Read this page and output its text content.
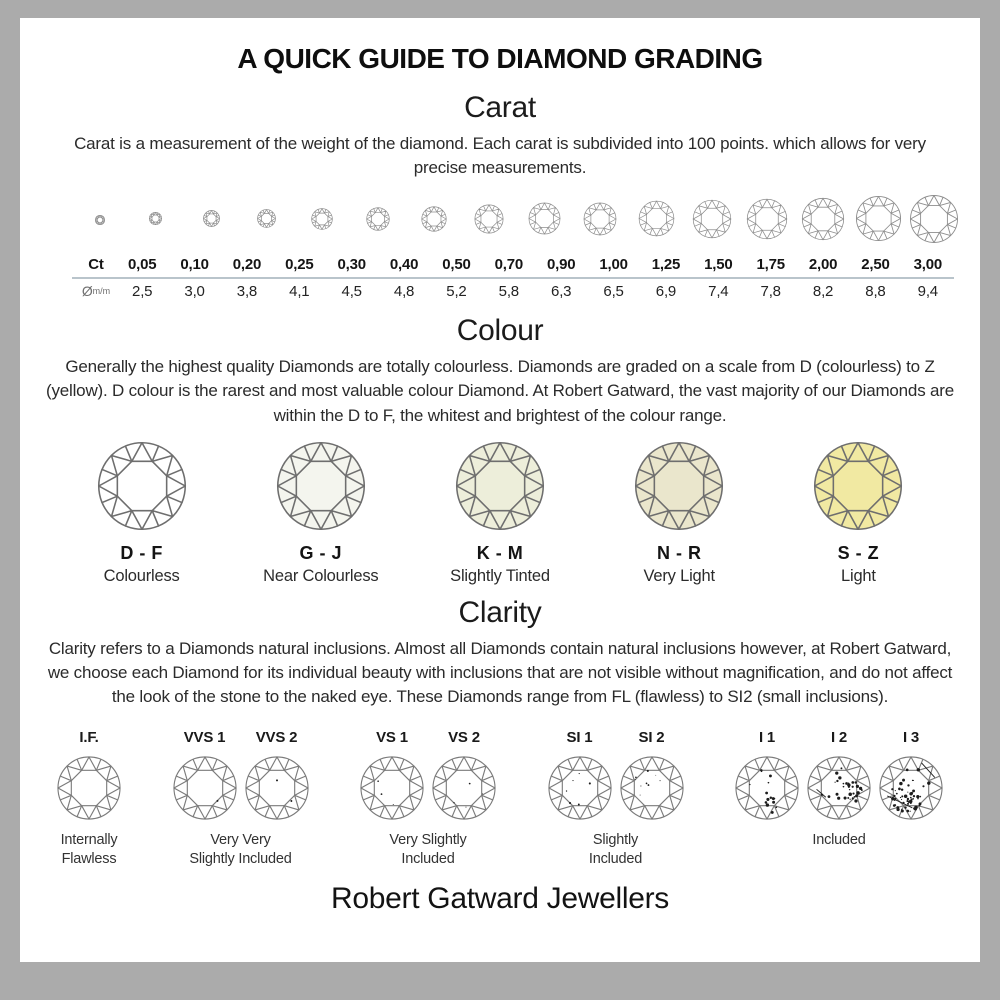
A QUICK GUIDE TO DIAMOND GRADING
Carat
Carat is a measurement of the weight of the diamond. Each carat is subdivided into 100 points. which allows for very precise measurements.
Ct	0,05	0,10	0,20	0,25	0,30	0,40	0,50	0,70	0,90	1,00	1,25	1,50	1,75	2,00	2,50	3,00
Øm/m	2,5	3,0	3,8	4,1	4,5	4,8	5,2	5,8	6,3	6,5	6,9	7,4	7,8	8,2	8,8	9,4
Colour
Generally the highest quality Diamonds are totally colourless. Diamonds are graded on a scale from D (colourless) to Z (yellow). D colour is the rarest and most valuable colour Diamond. At Robert Gatward, the vast majority of our Diamonds are within the D to F, the whitest and brightest of the colour range.
D - F
Colourless
G - J
Near Colourless
K - M
Slightly Tinted
N - R
Very Light
S - Z
Light
Clarity
Clarity refers to a Diamonds natural inclusions. Almost all Diamonds contain natural inclusions however, at Robert Gatward, we choose each Diamond for its individual beauty with inclusions that are not visible without magnification, and do not affect the look of the stone to the naked eye. These Diamonds range from FL (flawless) to SI2 (small inclusions).
I.F.
Internally
Flawless
VVS 1	VVS 2
Very Very
Slightly Included
VS 1	VS 2
Very Slightly
Included
SI 1	SI 2
Slightly
Included
I 1	I 2	I 3
Included
Robert Gatward Jewellers
